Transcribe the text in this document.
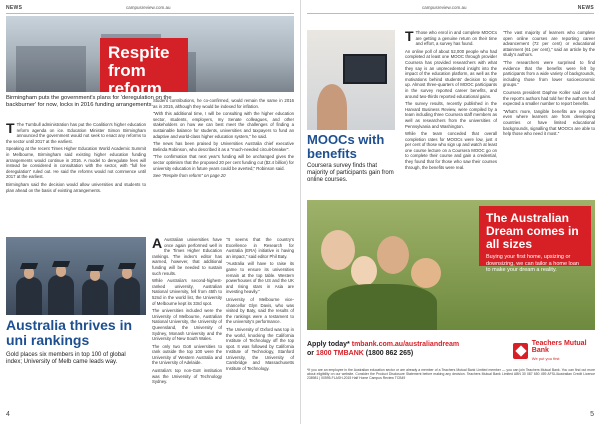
NEWS	campusreview.com.au
Respite from reform
Birmingham puts the government's plans for 'deregulation on the backburner' for now, locks in 2016 funding arrangements.

T The Turnbull administration has put the Coalition's higher education reform agenda on ice. Education Minister Simon Birmingham announced the government would not seek to enact any reforms to the sector until 2017 at the earliest.

Speaking at the recent Times Higher Education World Academic Summit in Melbourne, Birmingham said existing higher education funding arrangements would continue in 2016. A model to deregulate fees will instead be considered in consultation with the sector, with "full fee deregulation" ruled out. He said the reforms would not commence until 2017 at the earliest.

Birmingham said the decision would allow universities and students to plan ahead on the basis of existing arrangements.

Australia thrives in uni rankings
Gold places six members in top 100 of global index; University of Melb came leads way.

A Australian universities have once again performed well in the Times Higher Education rankings. The index's editor has warned, however, that additional funding will be needed to sustain such results.

While Australia's second-highest-ranked university, Australian National University, fell from 45th to 52nd in the world list, the University of Melbourne kept its 33rd spot.

The universities included were the University of Melbourne, Australian National University, the University of Queensland, the University of Sydney, Monash University and the University of New South Wales.

The only two Go8 universities to rank outside the top 100 were the University of Western Australia and the University of Adelaide.

Australia's top non-Go8 institution was the University of Technology Sydney.

"It seems that the country's Excellence in Research for Australia (ERA) initiative is having an impact," said editor Phil Baty.

"Australia will have to raise its game to ensure its universities remain at the top table. Western powerhouses of the US and the UK and rising stars in Asia are investing heavily."

University of Melbourne vice-chancellor Glyn Davis, who was visited by Baty, said the results of the rankings were a testament to the university's performance.

The University of Oxford was top in the world, knocking the California Institute of Technology off the top spot. It was followed by California Institute of Technology, Stanford University, the University of Cambridge and Massachusetts Institute of Technology.

4

Student contributions, he co-confirmed, would remain the same in 2016 as in 2015, although they would be indexed for inflation.

"With this additional time, I will be consulting with the higher education sector, students, employers, my Senate colleagues, and other stakeholders on how we can best meet the challenges of finding a sustainable balance for students, universities and taxpayers to fund an adaptive and world-class higher education system," he said.

The news has been praised by Universities Australia chief executive Belinda Robinson, who described it as a "much-needed circuit-breaker".

"The confirmation that next year's funding will be unchanged gives the sector optimism that the proposed 20 per cent funding cut ($2.4 billion) for university education in future years could be averted," Robinson said.

See "Respite from reform" on page 20

campusreview.com.au	NEWS
MOOCs with benefits
Coursera survey finds that majority of participants gain from online courses.

T Those who enrol in and complete MOOCs are getting a genuine return on their time and effort, a survey has found.

An online poll of about 52,000 people who had completed at least one MOOC through provider Coursera has provided researchers with what they say is an unprecedented insight into the impact of the education platform, as well as the motivations behind students' decision to sign up. Almost three-quarters of MOOC participants in the survey reported career benefits, and around two-thirds reported educational gains.

The survey results, recently published in the Harvard Business Review, were compiled by a team including three Coursera staff members as well as researchers from the universities of Pennsylvania and Washington.

While the team conceded that overall completion rates for MOOCs were low, just 4 per cent of those who sign up and watch at least one course lecture on a Coursera MOOC go on to complete their course and gain a credential, they found that for those who saw their courses through, the benefits were real.

"The vast majority of learners who complete open online courses are reporting career advancement (72 per cent) or educational attainment (61 per cent)," said an article by the study's authors.

"The researchers were surprised to find evidence that the benefits were felt by participants from a wide variety of backgrounds, including those from lower socioeconomic groups."

Coursera president Daphne Koller said one of the report's authors had told her the authors had expected a smaller number to report benefits.

"What's more, tangible benefits are reported even where learners are from developing countries or have limited educational backgrounds, signalling that MOOCs are able to help those who need it most."

The Australian Dream comes in all sizes
Buying your first home, upsizing or downsizing, we can tailor a home loan to make your dream a reality.
Apply today* tmbank.com.au/australiandream
or 1800 TMBANK (1800 862 265)
Teachers Mutual Bank
We put you first
*If you are an employee in the Australian education sector or are already a member of a Teachers Mutual Bank Limited member — you can join Teachers Mutual Bank. You can find out more about eligibility on our website. Consider the Product Disclosure Statement before making any decision. Teachers Mutual Bank Limited ABN 30 087 650 459 AFSL/Australian Credit Licence 238981 | 00595-FLASH-2015 Half Home Campus Review TCB49
5
